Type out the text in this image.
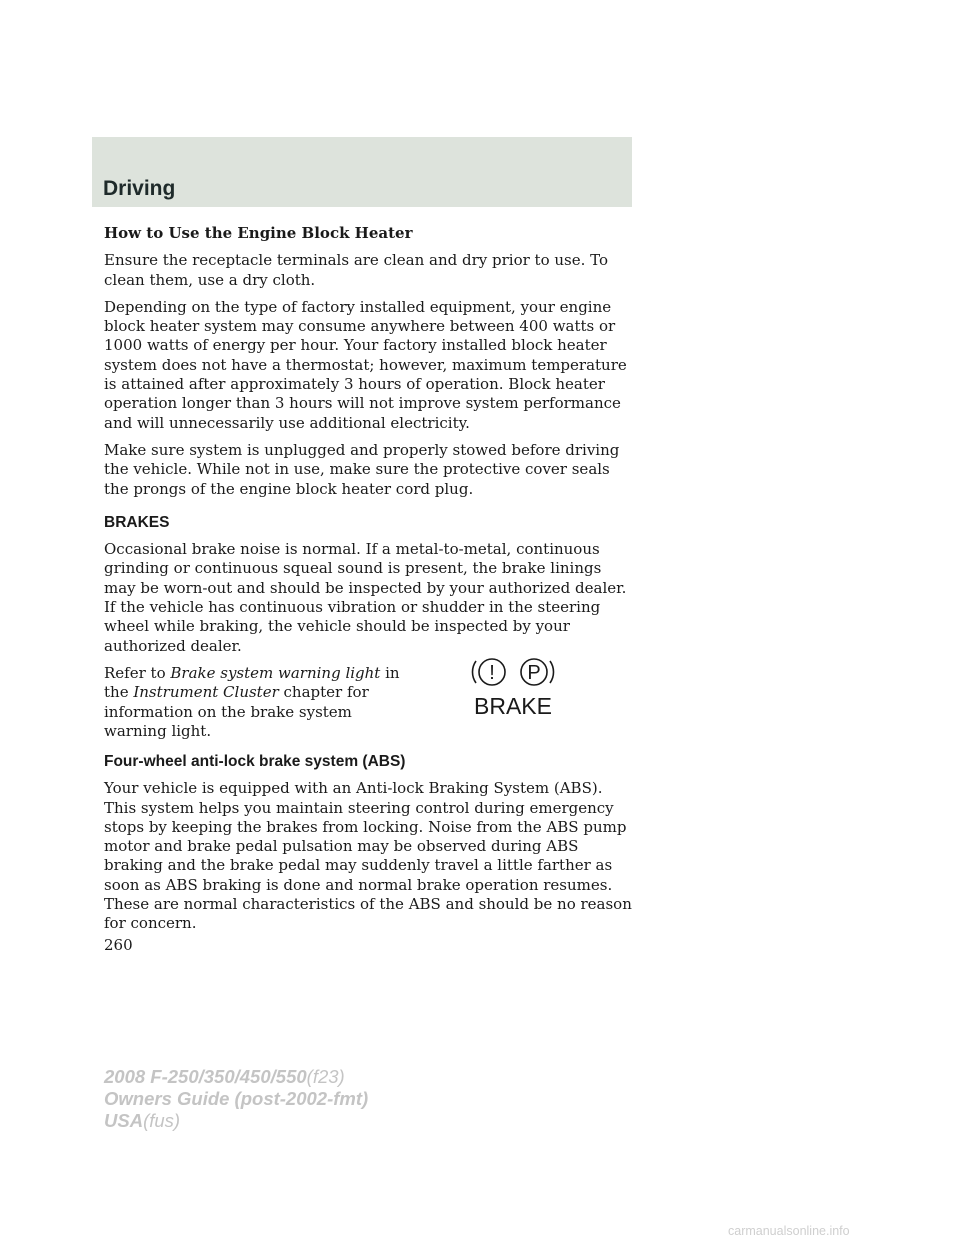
Driving
How to Use the Engine Block Heater

Ensure the receptacle terminals are clean and dry prior to use. To clean them, use a dry cloth.

Depending on the type of factory installed equipment, your engine block heater system may consume anywhere between 400 watts or 1000 watts of energy per hour. Your factory installed block heater system does not have a thermostat; however, maximum temperature is attained after approximately 3 hours of operation. Block heater operation longer than 3 hours will not improve system performance and will unnecessarily use additional electricity.

Make sure system is unplugged and properly stowed before driving the vehicle. While not in use, make sure the protective cover seals the prongs of the engine block heater cord plug.

BRAKES

Occasional brake noise is normal. If a metal-to-metal, continuous grinding or continuous squeal sound is present, the brake linings may be worn-out and should be inspected by your authorized dealer. If the vehicle has continuous vibration or shudder in the steering wheel while braking, the vehicle should be inspected by your authorized dealer.

Refer to Brake system warning light in the Instrument Cluster chapter for information on the brake system warning light.
! P
BRAKE
Four-wheel anti-lock brake system (ABS)

Your vehicle is equipped with an Anti-lock Braking System (ABS). This system helps you maintain steering control during emergency stops by keeping the brakes from locking. Noise from the ABS pump motor and brake pedal pulsation may be observed during ABS braking and the brake pedal may suddenly travel a little farther as soon as ABS braking is done and normal brake operation resumes. These are normal characteristics of the ABS and should be no reason for concern.

260
2008 F-250/350/450/550(f23)
Owners Guide (post-2002-fmt)
USA(fus)
carmanualsonline.info
